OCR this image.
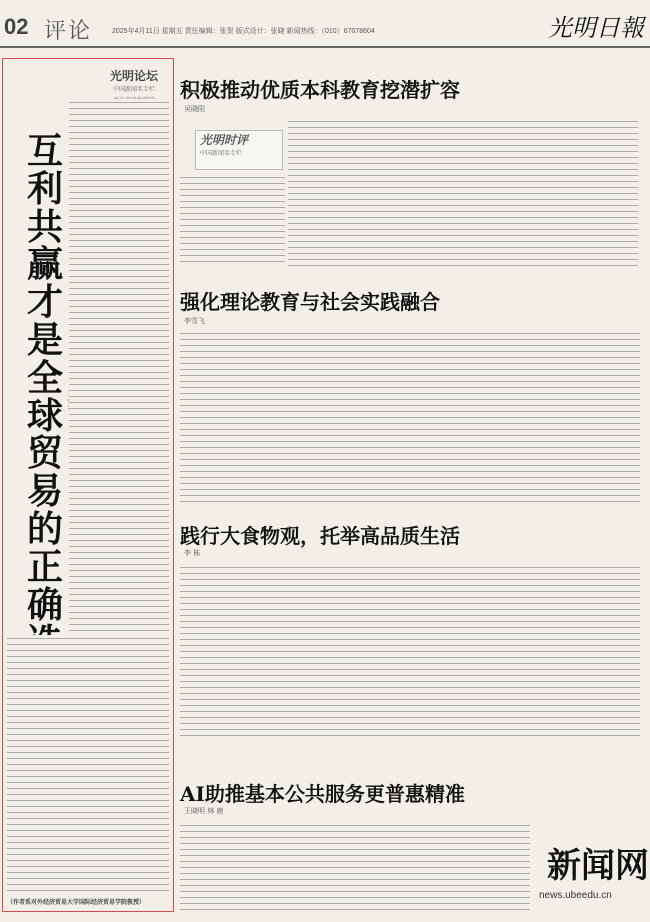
02 评论	2025年4月11日 星期五 责任编辑：张贺 版式设计：张晓 新闻热线：（010）67078604	光明日報
光明论坛
中国新闻名专栏
互利共赢才是全球贸易的正确
（作者系对外经济贸易大学国际经济贸易学院教授）
积极推动优质本科教育挖潜扩容
吴晓阳
光明时评
中国新闻名专栏
强化理论教育与社会实践融合
李雪飞
践行大食物观，托举高品质生活
李 栋
AI助推基本公共服务更普惠精准
王晓明 林 鹿
新闻网
news.ubeedu.cn
